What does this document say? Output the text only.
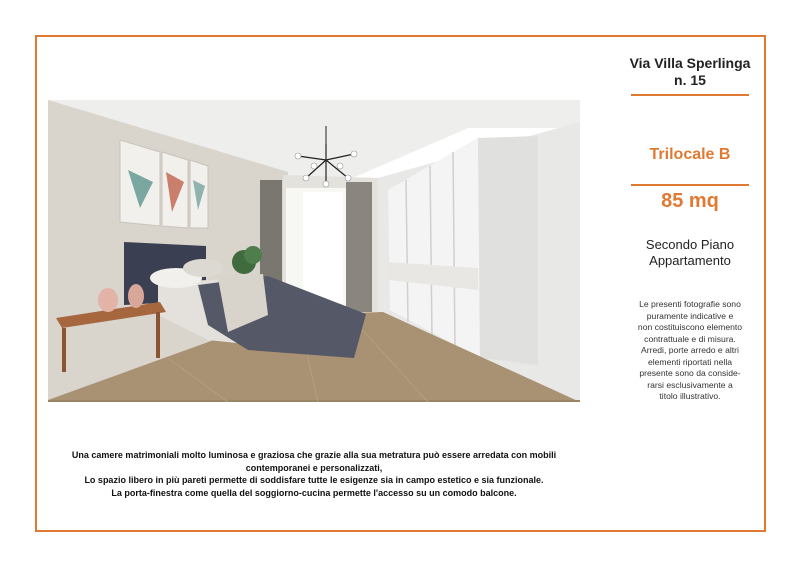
Via Villa Sperlinga
n. 15
Trilocale B
85 mq
Secondo Piano
Appartamento
Le presenti fotografie sono
puramente indicative e
non costituiscono elemento
contrattuale e di misura.
Arredi, porte arredo e altri
elementi riportati nella
presente sono da conside-
rarsi esclusivamente a
titolo illustrativo.
Una camere matrimoniali molto luminosa e graziosa che grazie alla sua metratura può essere arredata con mobili
contemporanei e personalizzati,
Lo spazio libero in più pareti permette di soddisfare tutte le esigenze sia in campo estetico e sia funzionale.
La porta-finestra come quella del soggiorno-cucina permette l'accesso su un comodo balcone.
